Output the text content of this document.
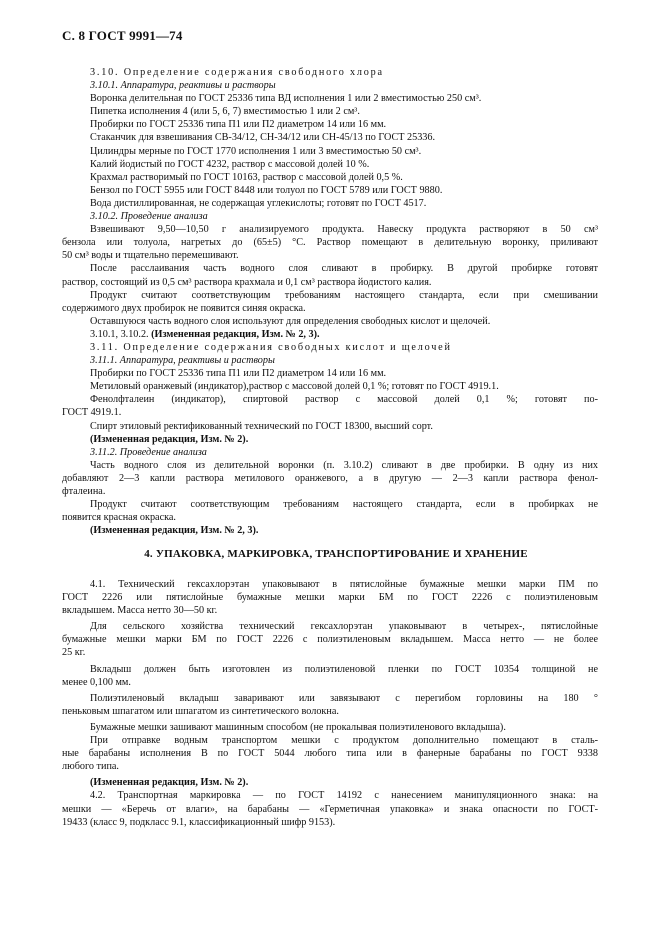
С. 8 ГОСТ 9991—74
3.10. Определение содержания свободного хлора
3.10.1. Аппаратура, реактивы и растворы
Воронка делительная по ГОСТ 25336 типа ВД исполнения 1 или 2 вместимостью 250 см³.
Пипетка исполнения 4 (или 5, 6, 7) вместимостью 1 или 2 см³.
Пробирки по ГОСТ 25336 типа П1 или П2 диаметром 14 или 16 мм.
Стаканчик для взвешивания СВ-34/12, СН-34/12 или СН-45/13 по ГОСТ 25336.
Цилиндры мерные по ГОСТ 1770 исполнения 1 или 3 вместимостью 50 см³.
Калий йодистый по ГОСТ 4232, раствор с массовой долей 10 %.
Крахмал растворимый по ГОСТ 10163, раствор с массовой долей 0,5 %.
Бензол по ГОСТ 5955 или ГОСТ 8448 или толуол по ГОСТ 5789 или ГОСТ 9880.
Вода дистиллированная, не содержащая углекислоты; готовят по ГОСТ 4517.
3.10.2. Проведение анализа
Взвешивают 9,50—10,50 г анализируемого продукта. Навеску продукта растворяют в 50 см³
бензола или толуола, нагретых до (65±5) °С. Раствор помещают в делительную воронку, приливают
50 см³ воды и тщательно перемешивают.
После расслаивания часть водного слоя сливают в пробирку. В другой пробирке готовят
раствор, состоящий из 0,5 см³ раствора крахмала и 0,1 см³ раствора йодистого калия.
Продукт считают соответствующим требованиям настоящего стандарта, если при смешивании
содержимого двух пробирок не появится синяя окраска.
Оставшуюся часть водного слоя используют для определения свободных кислот и щелочей.
3.10.1, 3.10.2. (Измененная редакция, Изм. № 2, 3).
3.11. Определение содержания свободных кислот и щелочей
3.11.1. Аппаратура, реактивы и растворы
Пробирки по ГОСТ 25336 типа П1 или П2 диаметром 14 или 16 мм.
Метиловый оранжевый (индикатор),раствор с массовой долей 0,1 %; готовят по ГОСТ 4919.1.
Фенолфталеин (индикатор), спиртовой раствор с массовой долей 0,1 %; готовят по-
ГОСТ 4919.1.
Спирт этиловый ректификованный технический по ГОСТ 18300, высший сорт.
(Измененная редакция, Изм. № 2).
3.11.2. Проведение анализа
Часть водного слоя из делительной воронки (п. 3.10.2) сливают в две пробирки. В одну из них
добавляют 2—3 капли раствора метилового оранжевого, а в другую — 2—3 капли раствора фенол-
фталеина.
Продукт считают соответствующим требованиям настоящего стандарта, если в пробирках не
появится красная окраска.
(Измененная редакция, Изм. № 2, 3).
4. УПАКОВКА, МАРКИРОВКА, ТРАНСПОРТИРОВАНИЕ И ХРАНЕНИЕ
4.1. Технический гексахлорэтан упаковывают в пятислойные бумажные мешки марки ПМ по
ГОСТ 2226 или пятислойные бумажные мешки марки БМ по ГОСТ 2226 с полиэтиленовым
вкладышем. Масса нетто 30—50 кг.
Для сельского хозяйства технический гексахлорэтан упаковывают в четырех-, пятислойные
бумажные мешки марки БМ по ГОСТ 2226 с полиэтиленовым вкладышем. Масса нетто — не более
25 кг.
Вкладыш должен быть изготовлен из полиэтиленовой пленки по ГОСТ 10354 толщиной не
менее 0,100 мм.
Полиэтиленовый вкладыш заваривают или завязывают с перегибом горловины на 180 °
пеньковым шпагатом или шпагатом из синтетического волокна.
Бумажные мешки зашивают машинным способом (не прокалывая полиэтиленового вкладыша).
При отправке водным транспортом мешки с продуктом дополнительно помещают в сталь-
ные барабаны исполнения В по ГОСТ 5044 любого типа или в фанерные барабаны по ГОСТ 9338
любого типа.
(Измененная редакция, Изм. № 2).
4.2. Транспортная маркировка — по ГОСТ 14192 с нанесением манипуляционного знака: на
мешки — «Беречь от влаги», на барабаны — «Герметичная упаковка» и знака опасности по ГОСТ-
19433 (класс 9, подкласс 9.1, классификационный шифр 9153).
